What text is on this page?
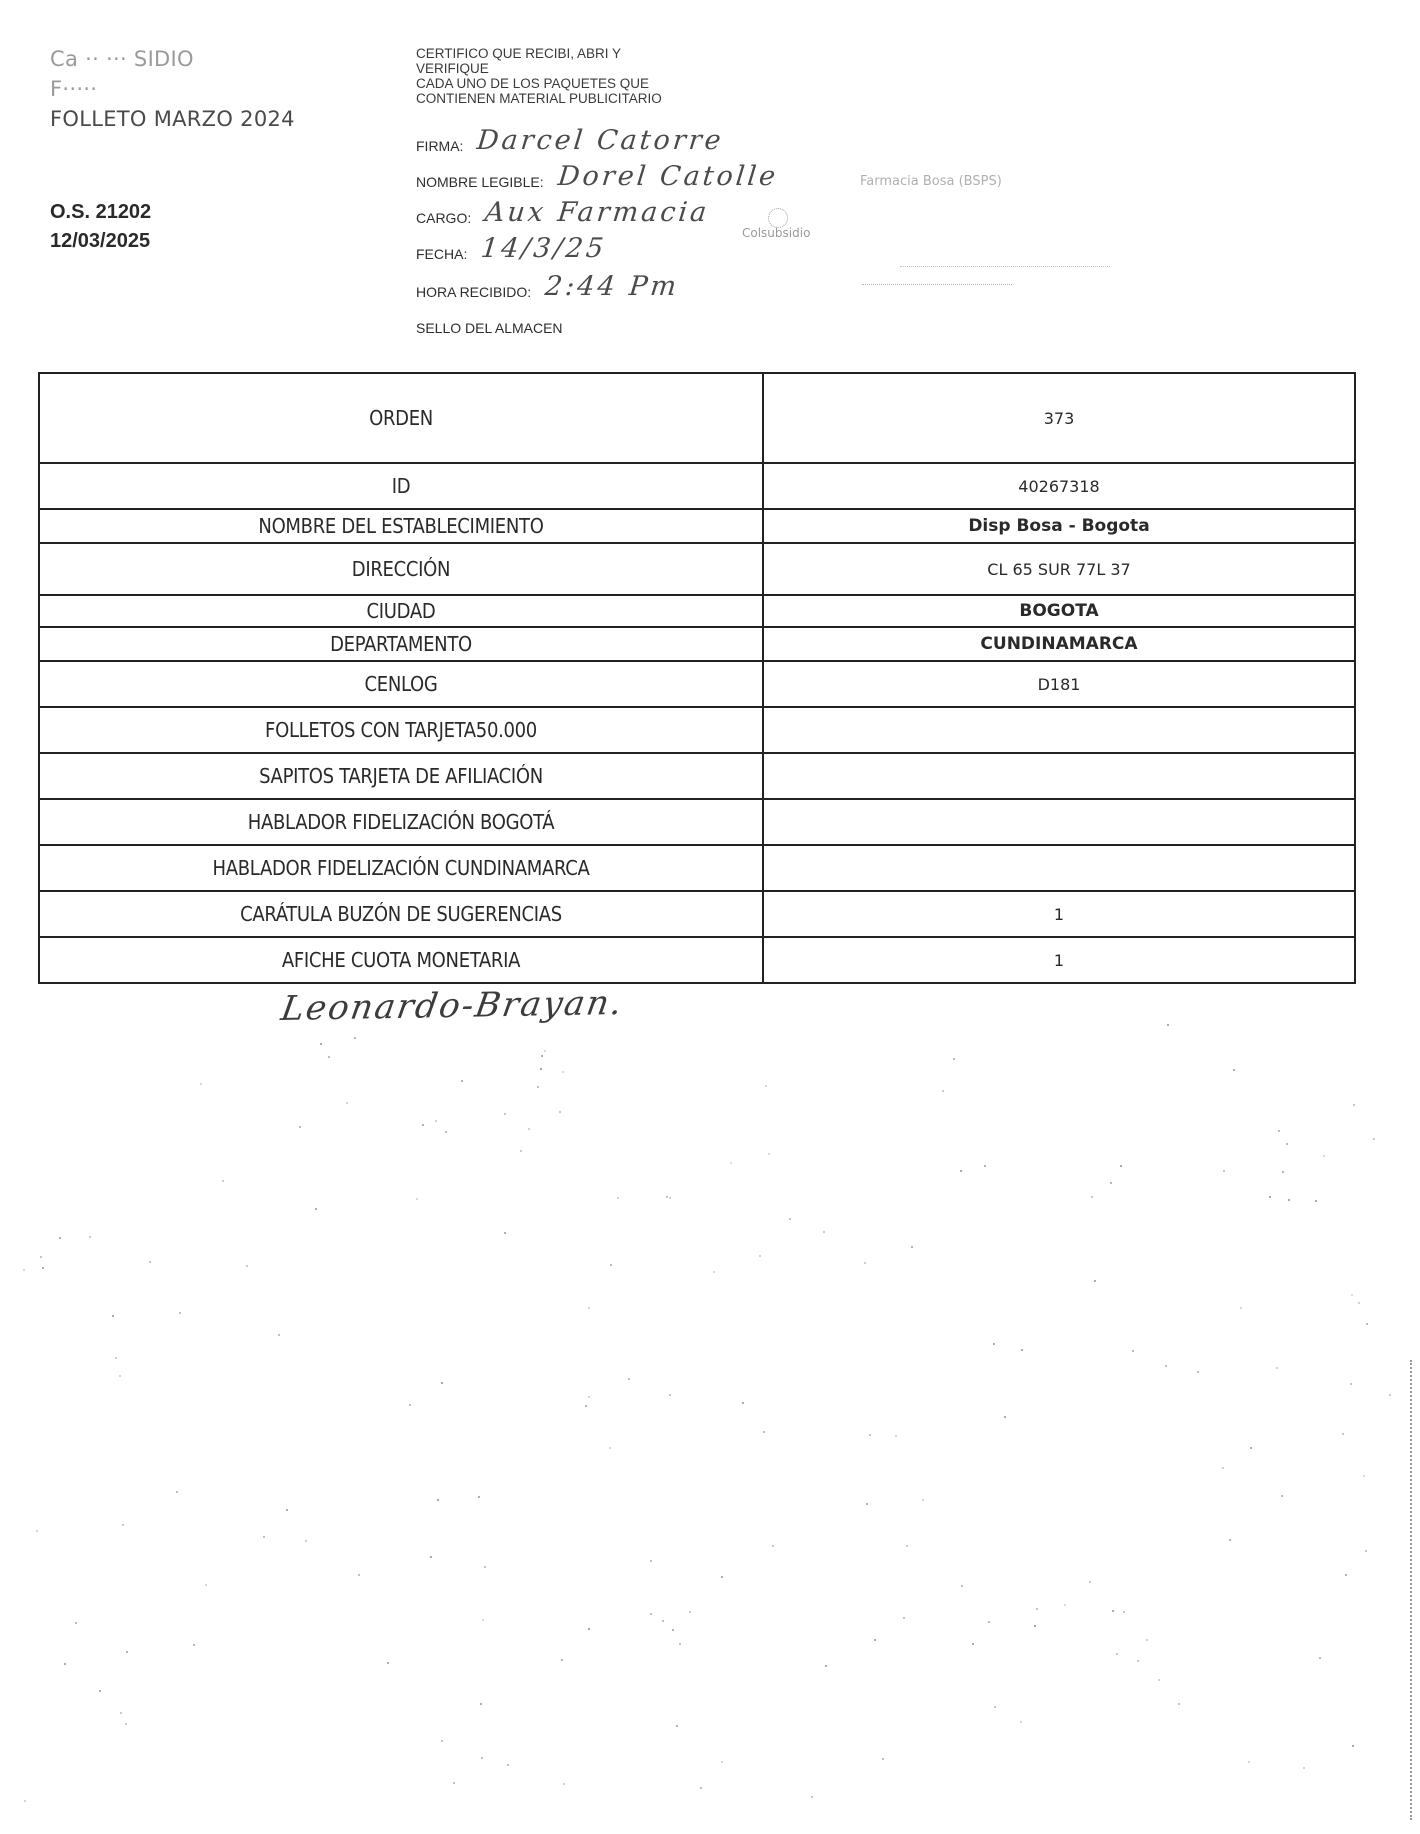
Ca ·· ··· SIDIO
F·····
FOLLETO MARZO 2024
O.S. 21202
12/03/2025
CERTIFICO QUE RECIBI, ABRI Y
VERIFIQUE
CADA UNO DE LOS PAQUETES QUE
CONTIENEN MATERIAL PUBLICITARIO
FIRMA: Darcel Catorre
NOMBRE LEGIBLE: Dorel Catolle
CARGO: Aux Farmacia
FECHA: 14/3/25
HORA RECIBIDO: 2:44 Pm
SELLO DEL ALMACEN
Farmacia Bosa (BSPS)
Colsubsidio
ORDEN	373
ID	40267318
NOMBRE DEL ESTABLECIMIENTO	Disp Bosa - Bogota
DIRECCIÓN	CL 65 SUR 77L 37
CIUDAD	BOGOTA
DEPARTAMENTO	CUNDINAMARCA
CENLOG	D181
FOLLETOS CON TARJETA50.000	
SAPITOS TARJETA DE AFILIACIÓN	
HABLADOR FIDELIZACIÓN BOGOTÁ	
HABLADOR FIDELIZACIÓN CUNDINAMARCA	
CARÁTULA BUZÓN DE SUGERENCIAS	1
AFICHE CUOTA MONETARIA	1
Leonardo-Brayan.
